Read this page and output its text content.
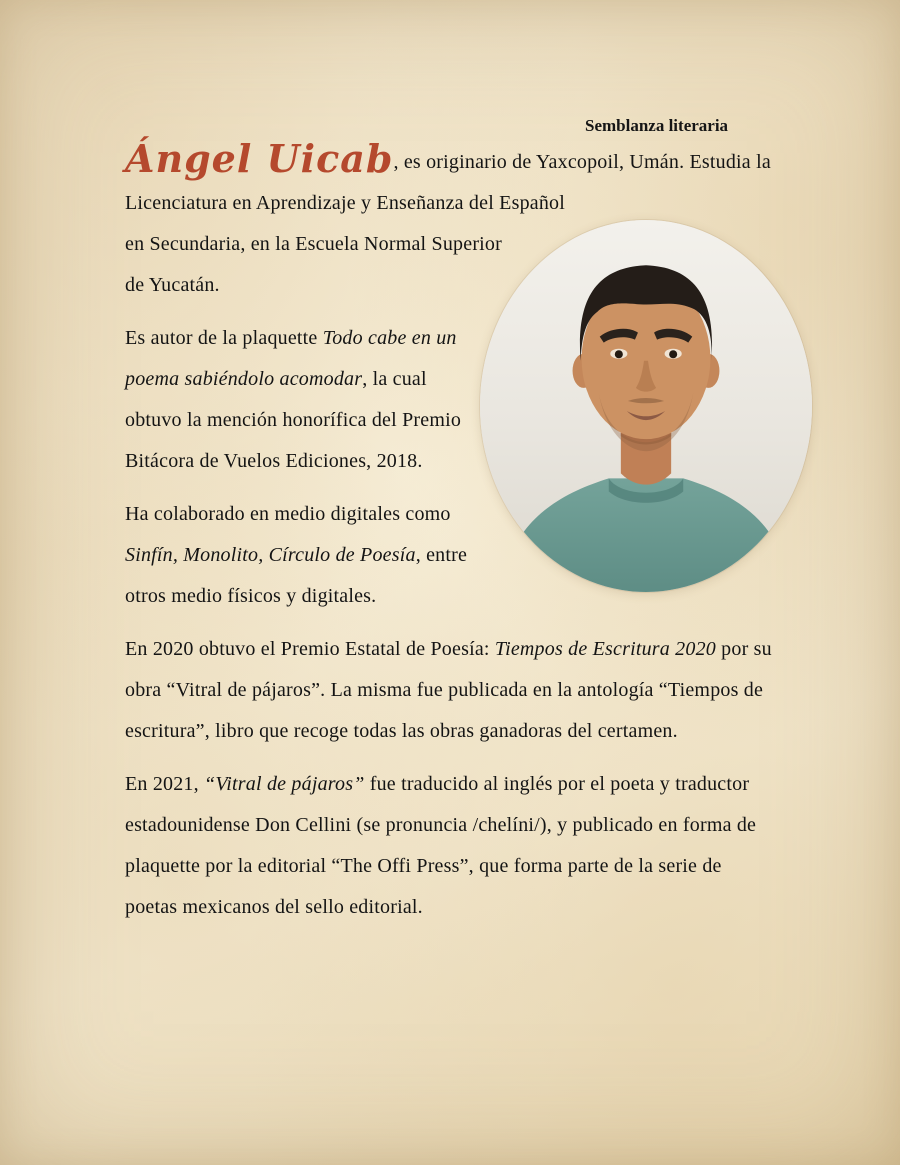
Semblanza literaria

Ángel Uicab, es originario de Yaxcopoil, Umán. Estudia la Licenciatura en Aprendizaje y Enseñanza del Español en Secundaria, en la Escuela Normal Superior de Yucatán.

Es autor de la plaquette Todo cabe en un poema sabiéndolo acomodar, la cual obtuvo la mención honorífica del Premio Bitácora de Vuelos Ediciones, 2018.

Ha colaborado en medio digitales como Sinfín, Monolito, Círculo de Poesía, entre otros medio físicos y digitales.

En 2020 obtuvo el Premio Estatal de Poesía: Tiempos de Escritura 2020 por su obra “Vitral de pájaros”. La misma fue publicada en la antología “Tiempos de escritura”, libro que recoge todas las obras ganadoras del certamen.

En 2021, “Vitral de pájaros” fue traducido al inglés por el poeta y traductor estadounidense Don Cellini (se pronuncia /chelíni/), y publicado en forma de plaquette por la editorial “The Offi Press”, que forma parte de la serie de poetas mexicanos del sello editorial.
